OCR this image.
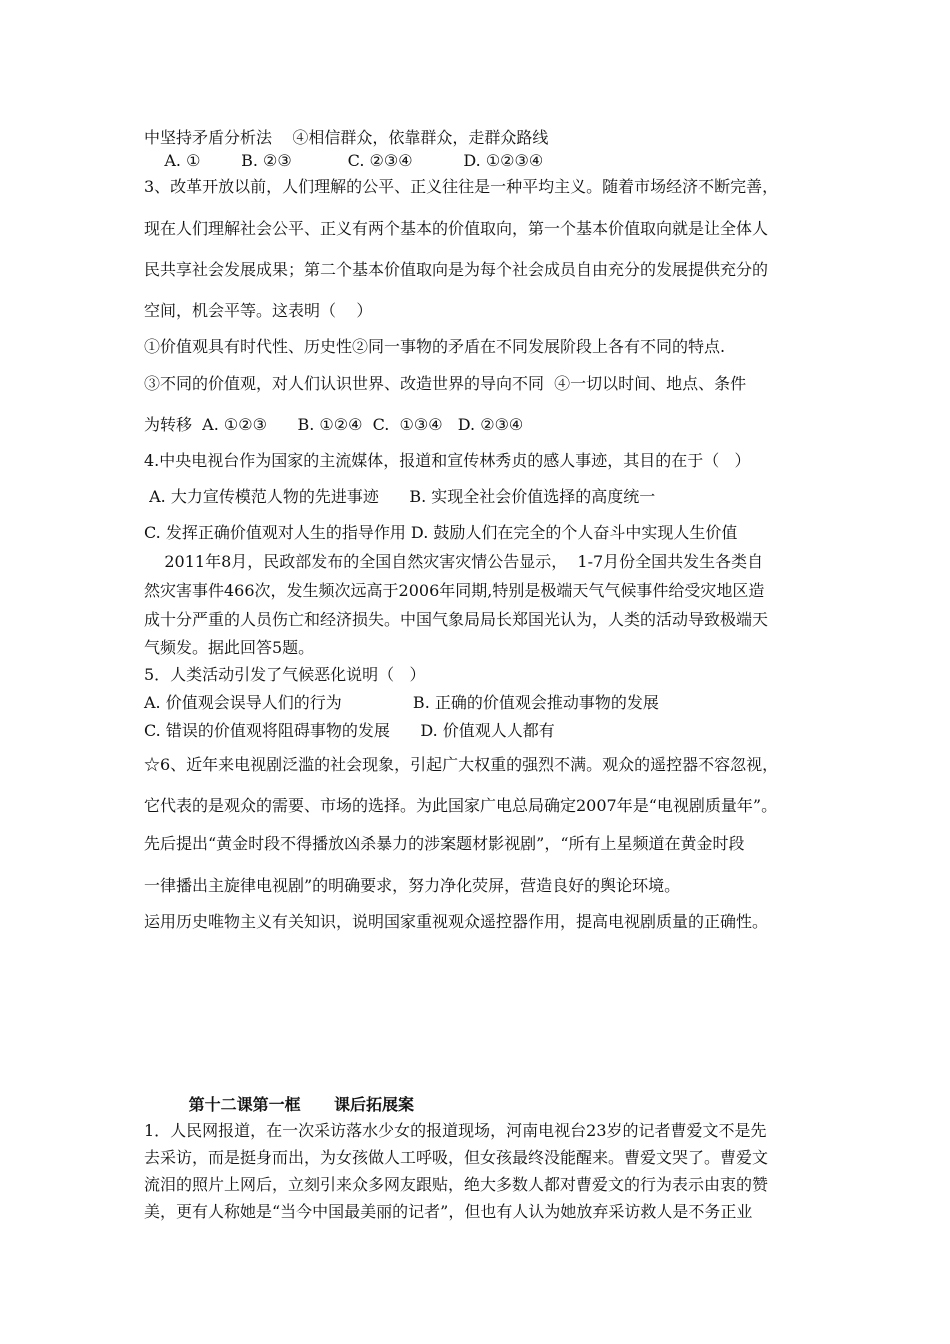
中坚持矛盾分析法    ④相信群众，依靠群众，走群众路线
A. ①        B. ②③           C. ②③④          D. ①②③④
3、改革开放以前，人们理解的公平、正义往往是一种平均主义。随着市场经济不断完善，
现在人们理解社会公平、正义有两个基本的价值取向，第一个基本价值取向就是让全体人
民共享社会发展成果；第二个基本价值取向是为每个社会成员自由充分的发展提供充分的
空间，机会平等。这表明（    ）
①价值观具有时代性、历史性②同一事物的矛盾在不同发展阶段上各有不同的特点.
③不同的价值观，对人们认识世界、改造世界的导向不同  ④一切以时间、地点、条件
为转移  A. ①②③      B. ①②④  C.  ①③④   D. ②③④
4.中央电视台作为国家的主流媒体，报道和宣传林秀贞的感人事迹，其目的在于（   ）
A. 大力宣传模范人物的先进事迹      B. 实现全社会价值选择的高度统一
C. 发挥正确价值观对人生的指导作用 D. 鼓励人们在完全的个人奋斗中实现人生价值
2011年8月，民政部发布的全国自然灾害灾情公告显示，  1-7月份全国共发生各类自
然灾害事件466次，发生频次远高于2006年同期,特别是极端天气气候事件给受灾地区造
成十分严重的人员伤亡和经济损失。中国气象局局长郑国光认为，人类的活动导致极端天
气频发。据此回答5题。
5．人类活动引发了气候恶化说明（   ）
A. 价值观会误导人们的行为              B. 正确的价值观会推动事物的发展
C. 错误的价值观将阻碍事物的发展      D. 价值观人人都有
☆6、近年来电视剧泛滥的社会现象，引起广大权重的强烈不满。观众的遥控器不容忽视，
它代表的是观众的需要、市场的选择。为此国家广电总局确定2007年是“电视剧质量年”。
先后提出“黄金时段不得播放凶杀暴力的涉案题材影视剧”，“所有上星频道在黄金时段
一律播出主旋律电视剧”的明确要求，努力净化荧屏，营造良好的舆论环境。
运用历史唯物主义有关知识，说明国家重视观众遥控器作用，提高电视剧质量的正确性。
第十二课第一框      课后拓展案
1．人民网报道，在一次采访落水少女的报道现场，河南电视台23岁的记者曹爱文不是先
去采访，而是挺身而出，为女孩做人工呼吸，但女孩最终没能醒来。曹爱文哭了。曹爱文
流泪的照片上网后，立刻引来众多网友跟贴，绝大多数人都对曹爱文的行为表示由衷的赞
美，更有人称她是“当今中国最美丽的记者”，但也有人认为她放弃采访救人是不务正业
